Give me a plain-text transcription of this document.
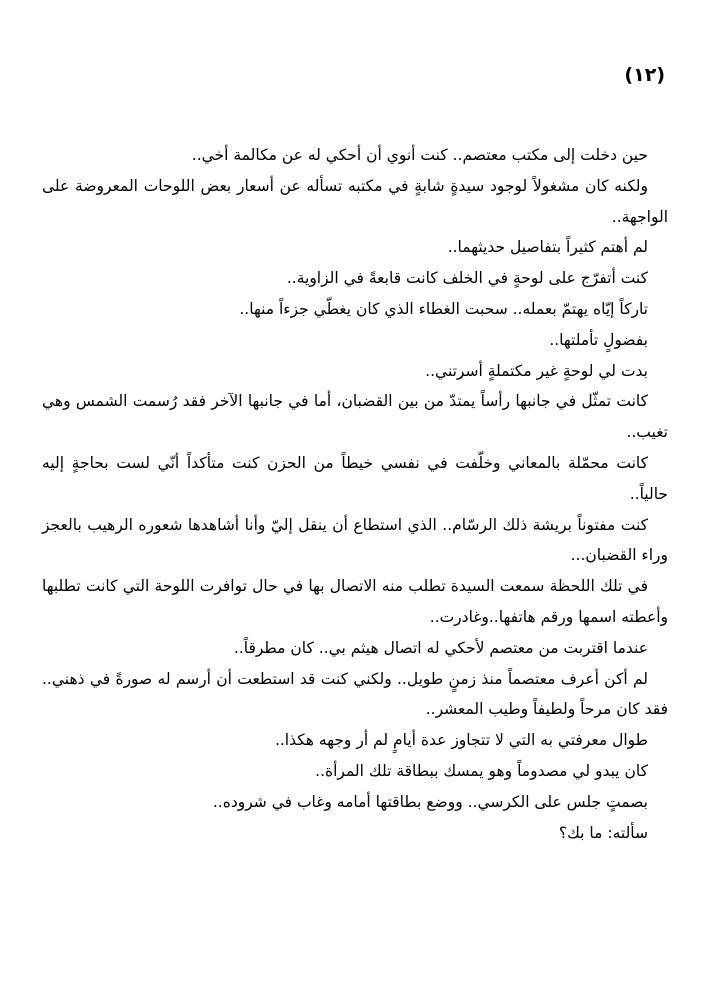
(١٢)

حين دخلت إلى مكتب معتصم.. كنت أنوي أن أحكي له عن مكالمة أخي..

ولكنه كان مشغولاً لوجود سيدةٍ شابةٍ في مكتبه تسأله عن أسعار بعض اللوحات المعروضة على الواجهة..

لم أهتم كثيراً بتفاصيل حديثهما..

كنت أتفرّج على لوحةٍ في الخلف كانت قابعةً في الزاوية..

تاركاً إيّاه يهتمّ بعمله.. سحبت الغطاء الذي كان يغطّي جزءاً منها..

بفضولٍ تأملتها..

بدت لي لوحةٍ غير مكتملةٍ أسرتني..

كانت تمثّل في جانبها رأساً يمتدّ من بين القضبان، أما في جانبها الآخر فقد رُسمت الشمس وهي تغيب..

كانت محمّلة بالمعاني وخلّفت في نفسي خيطاً من الحزن كنت متأكداً أنّي لست بحاجةٍ إليه حالياً..

كنت مفتوناً بريشة ذلك الرسّام.. الذي استطاع أن ينقل إليّ وأنا أشاهدها شعوره الرهيب بالعجز وراء القضبان...

في تلك اللحظة سمعت السيدة تطلب منه الاتصال بها في حال توافرت اللوحة التي كانت تطلبها وأعطته اسمها ورقم هاتفها..وغادرت..

عندما اقتربت من معتصم لأحكي له اتصال هيثم بي.. كان مطرقاً..

لم أكن أعرف معتصماً منذ زمنٍ طويل.. ولكني كنت قد استطعت أن أرسم له صورةً في ذهني.. فقد كان مرحاً ولطيفاً وطيب المعشر..

طوال معرفتي به التي لا تتجاوز عدة أيامٍ لم أر وجهه هكذا..

كان يبدو لي مصدوماً وهو يمسك ببطاقة تلك المرأة..

بصمتٍ جلس على الكرسي.. ووضع بطاقتها أمامه وغاب في شروده..

سألته: ما بك؟
